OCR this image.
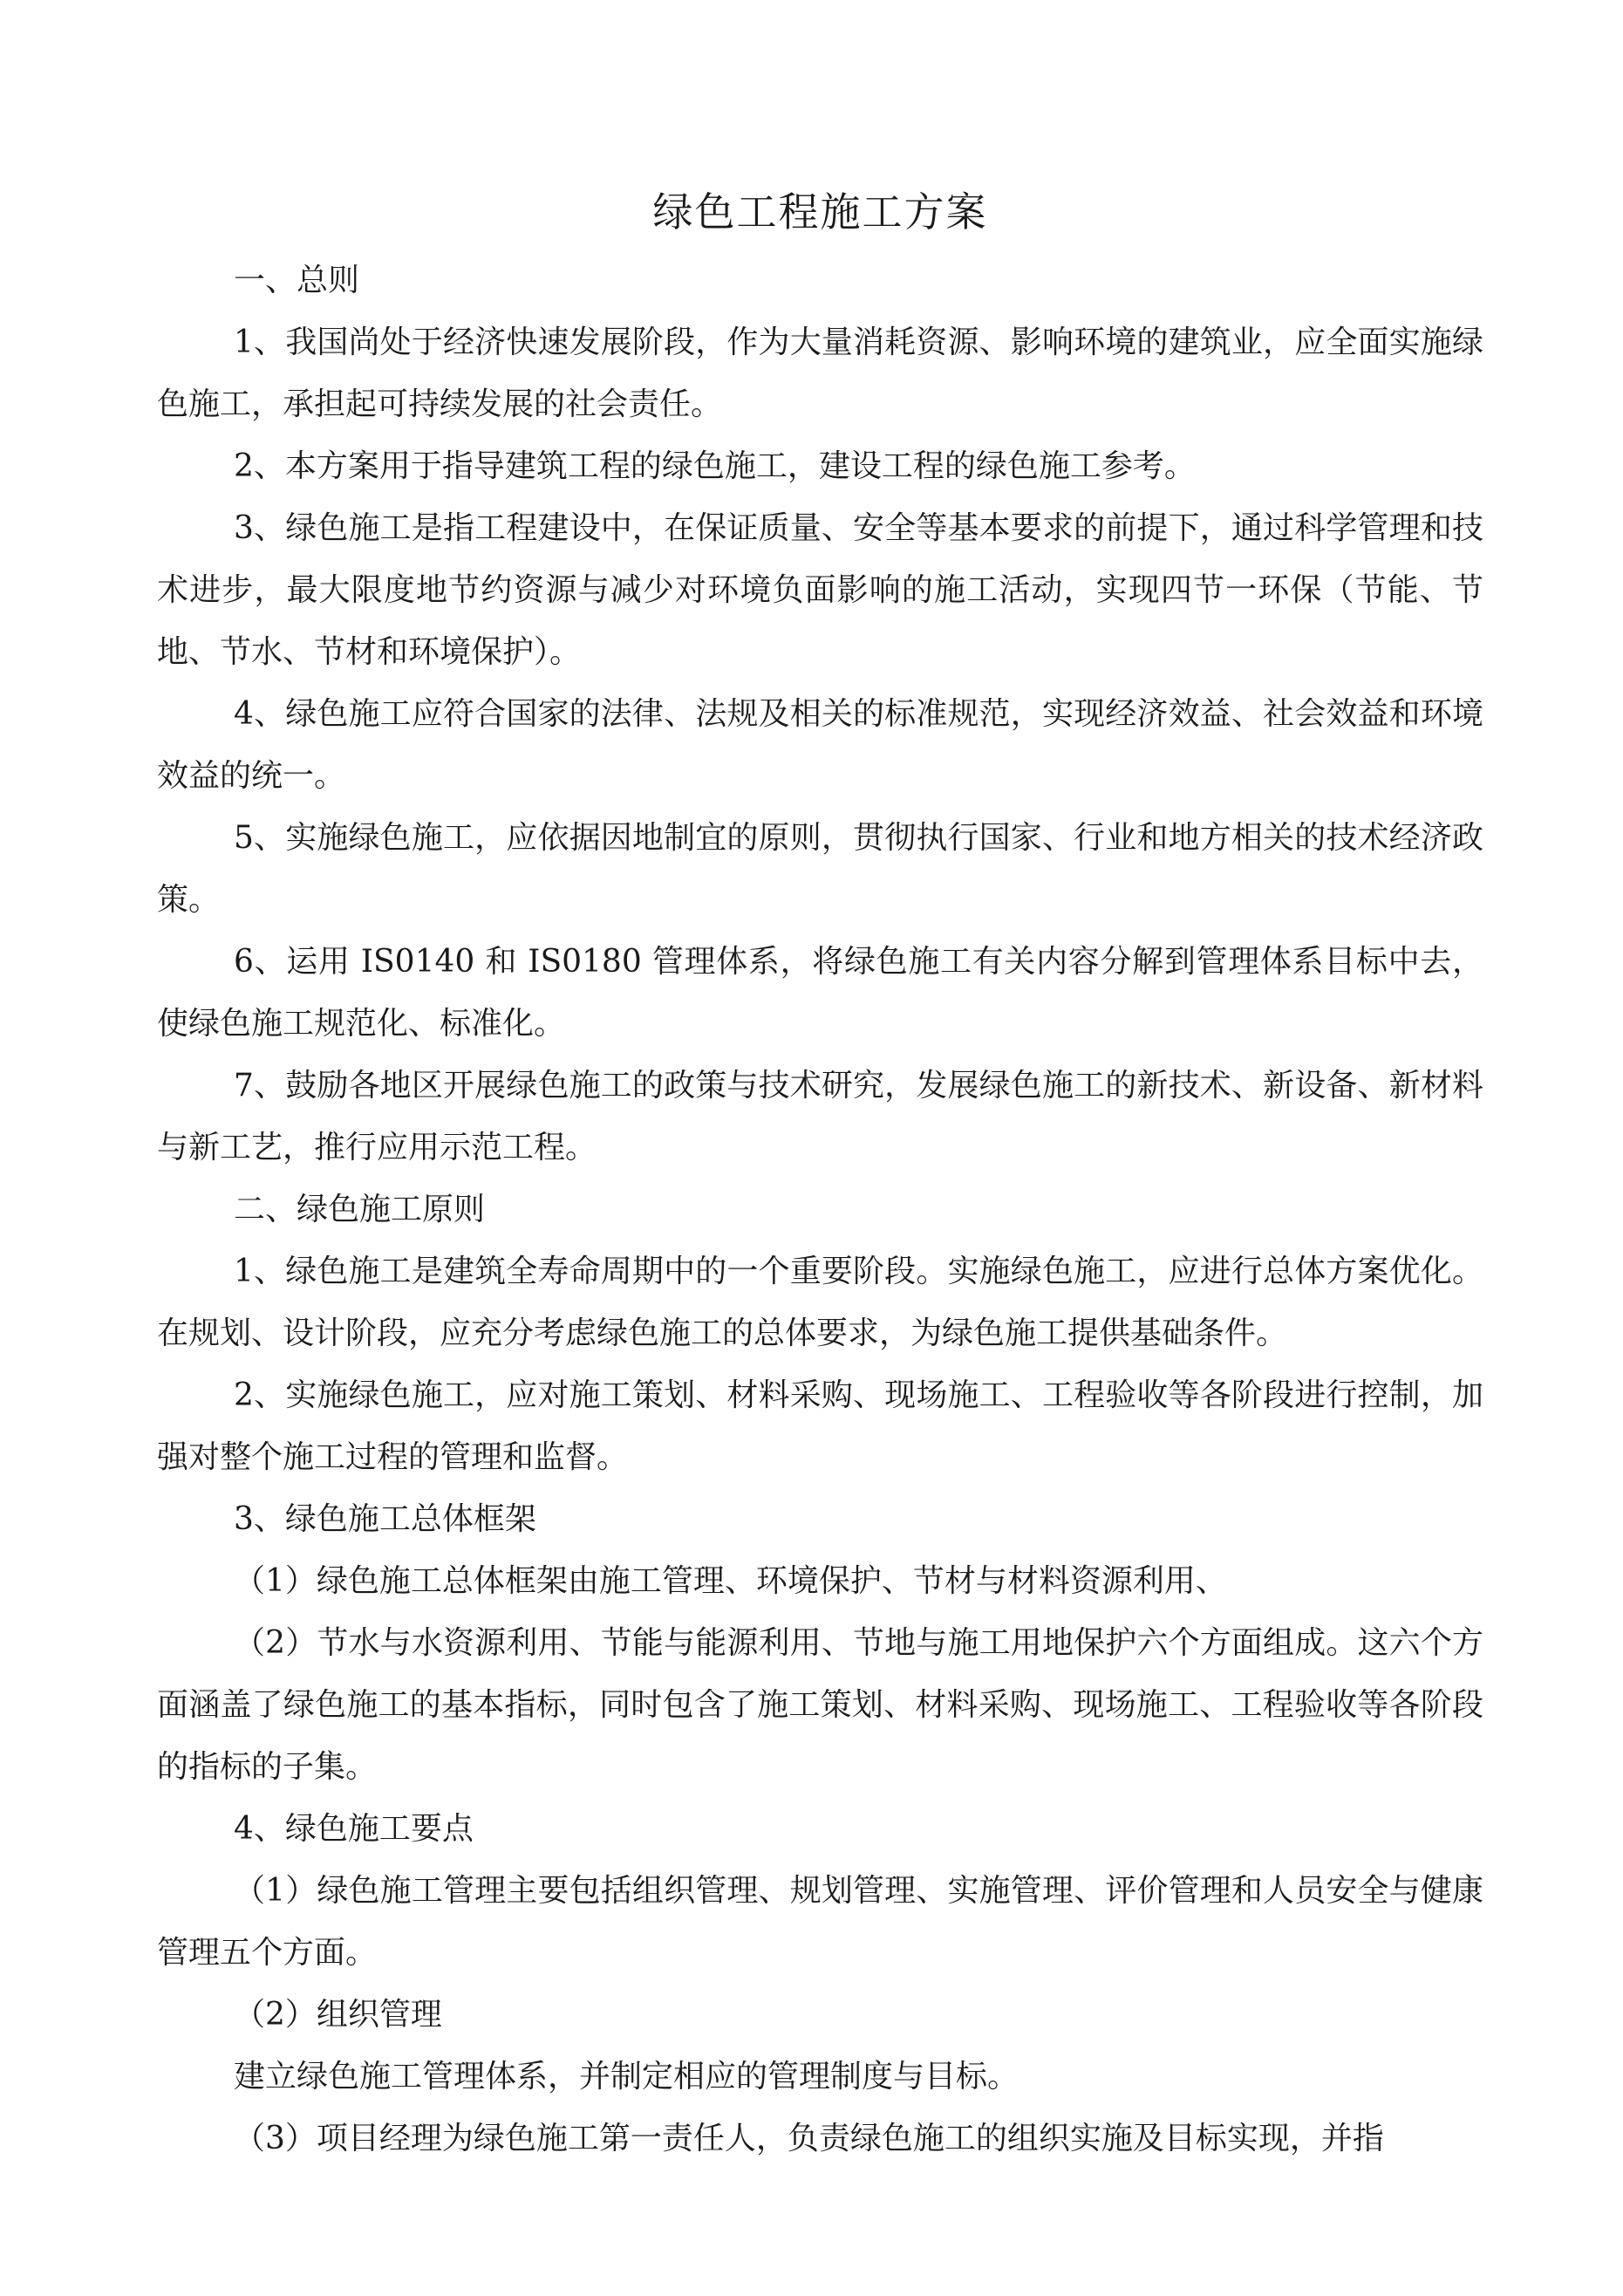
绿色工程施工方案

一、总则

1、我国尚处于经济快速发展阶段，作为大量消耗资源、影响环境的建筑业，应全面实施绿色施工，承担起可持续发展的社会责任。

2、本方案用于指导建筑工程的绿色施工，建设工程的绿色施工参考。

3、绿色施工是指工程建设中，在保证质量、安全等基本要求的前提下，通过科学管理和技术进步，最大限度地节约资源与减少对环境负面影响的施工活动，实现四节一环保（节能、节地、节水、节材和环境保护）。

4、绿色施工应符合国家的法律、法规及相关的标准规范，实现经济效益、社会效益和环境效益的统一。

5、实施绿色施工，应依据因地制宜的原则，贯彻执行国家、行业和地方相关的技术经济政策。

6、运用 IS0140 和 IS0180 管理体系，将绿色施工有关内容分解到管理体系目标中去，使绿色施工规范化、标准化。

7、鼓励各地区开展绿色施工的政策与技术研究，发展绿色施工的新技术、新设备、新材料与新工艺，推行应用示范工程。

二、绿色施工原则

1、绿色施工是建筑全寿命周期中的一个重要阶段。实施绿色施工，应进行总体方案优化。在规划、设计阶段，应充分考虑绿色施工的总体要求，为绿色施工提供基础条件。

2、实施绿色施工，应对施工策划、材料采购、现场施工、工程验收等各阶段进行控制，加强对整个施工过程的管理和监督。

3、绿色施工总体框架

（1）绿色施工总体框架由施工管理、环境保护、节材与材料资源利用、

（2）节水与水资源利用、节能与能源利用、节地与施工用地保护六个方面组成。这六个方面涵盖了绿色施工的基本指标，同时包含了施工策划、材料采购、现场施工、工程验收等各阶段的指标的子集。

4、绿色施工要点

（1）绿色施工管理主要包括组织管理、规划管理、实施管理、评价管理和人员安全与健康管理五个方面。

（2）组织管理

建立绿色施工管理体系，并制定相应的管理制度与目标。

（3）项目经理为绿色施工第一责任人，负责绿色施工的组织实施及目标实现，并指
